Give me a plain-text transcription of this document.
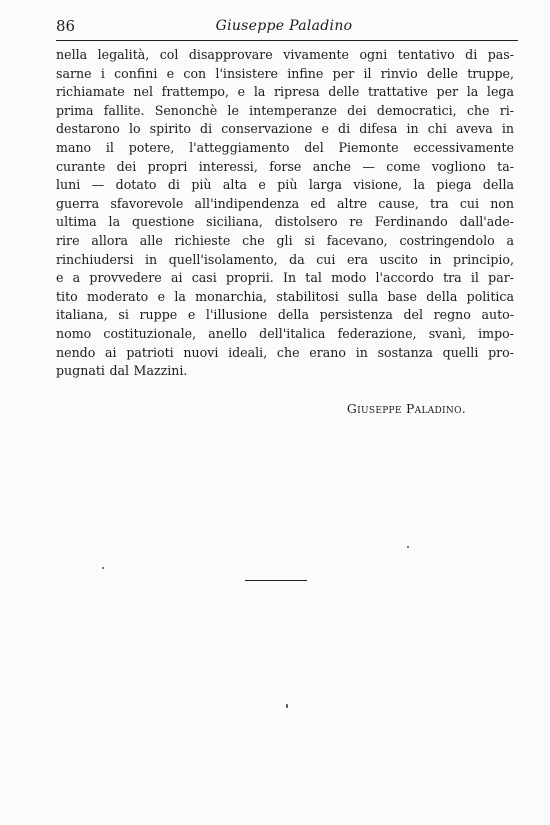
86	Giuseppe Paladino
nella legalità, col disapprovare vivamente ogni tentativo di pas-
sarne i confini e con l'insistere infine per il rinvio delle truppe,
richiamate nel frattempo, e la ripresa delle trattative per la lega
prima fallite. Senonchè le intemperanze dei democratici, che ri-
destarono lo spirito di conservazione e di difesa in chi aveva in
mano il potere, l'atteggiamento del Piemonte eccessivamente
curante dei propri interessi, forse anche — come vogliono ta-
luni — dotato di più alta e più larga visione, la piega della
guerra sfavorevole all'indipendenza ed altre cause, tra cui non
ultima la questione siciliana, distolsero re Ferdinando dall'ade-
rire allora alle richieste che gli si facevano, costringendolo a
rinchiudersi in quell'isolamento, da cui era uscito in principio,
e a provvedere ai casi proprii. In tal modo l'accordo tra il par-
tito moderato e la monarchia, stabilitosi sulla base della politica
italiana, si ruppe e l'illusione della persistenza del regno auto-
nomo costituzionale, anello dell'italica federazione, svanì, impo-
nendo ai patrioti nuovi ideali, che erano in sostanza quelli pro-
pugnati dal Mazzini.
Giuseppe Paladino.
